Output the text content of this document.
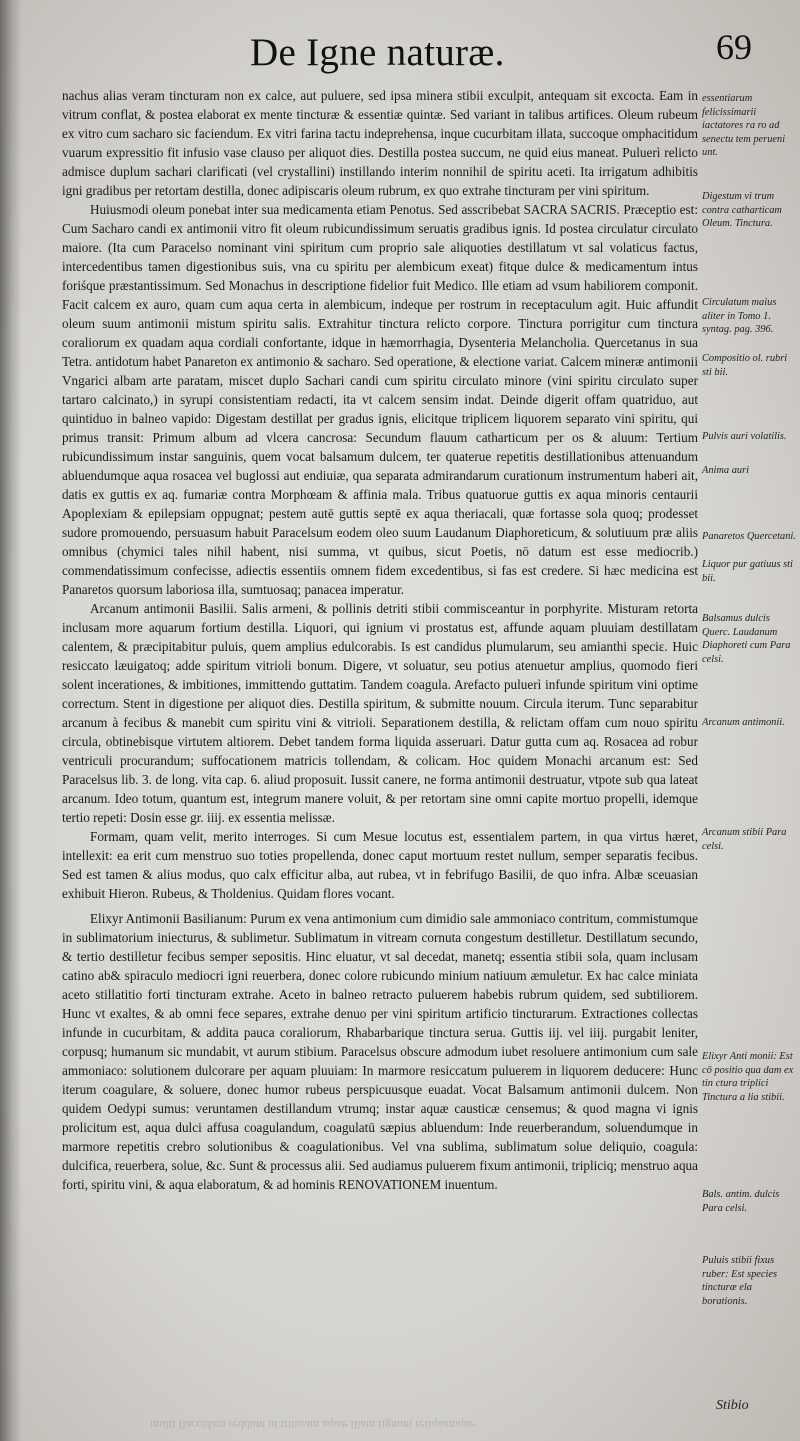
De Igne naturæ.	69

nachus alias veram tincturam non ex calce, aut puluere, sed ipsa minera stibii exculpit, antequam sit excocta. Eam in vitrum conflat, & postea elaborat ex mente tincturæ & essentiæ quintæ. Sed variant in talibus artifices. Oleum rubeum ex vitro cum sacharo sic faciendum. Ex vitri farina tactu indeprehensa, inque cucurbitam illata, succoque omphacitidum vuarum expressitio fit infusio vase clauso per aliquot dies. Destilla postea succum, ne quid eius maneat. Puluerì relicto admisce duplum sachari clarificati (vel crystallini) instillando interim nonnihil de spiritu aceti. Ita irrigatum adhibitis igni gradibus per retortam destilla, donec adipiscaris oleum rubrum, ex quo extrahe tincturam per vini spiritum.

Huiusmodi oleum ponebat inter sua medicamenta etiam Penotus. Sed asscribebat SACRA SACRIS. Præceptio est: Cum Sacharo candi ex antimonii vitro fit oleum rubicundissimum seruatis gradibus ignis. Id postea circulatur circulato maiore. (Ita cum Paracelso nominant vini spiritum cum proprio sale aliquoties destillatum vt sal volaticus factus, intercedentibus tamen digestionibus suis, vna cu spiritu per alembicum exeat) fitque dulce & medicamentum intus foriśque præstantissimum. Sed Monachus in descriptione fidelior fuit Medico. Ille etiam ad vsum habiliorem componit. Facit calcem ex auro, quam cum aqua certa in alembicum, indeque per rostrum in receptaculum agit. Huic affundit oleum suum antimonii mistum spiritu salis. Extrahitur tinctura relicto corpore. Tinctura porrigitur cum tinctura coraliorum ex quadam aqua cordiali confortante, idque in hæmorrhagia, Dysenteria Melancholia. Quercetanus in sua Tetra. antidotum habet Panareton ex antimonio & sacharo. Sed operatione, & electione variat. Calcem mineræ antimonii Vngarici albam arte paratam, miscet duplo Sachari candi cum spiritu circulato minore (vini spiritu circulato super tartaro calcinato,) in syrupi consistentiam redacti, ita vt calcem sensim indat. Deinde digerit offam quatriduo, aut quintiduo in balneo vapido: Digestam destillat per gradus ignis, elicitque triplicem liquorem separato vini spiritu, qui primus transit: Primum album ad vlcera cancrosa: Secundum flauum catharticum per os & aluum: Tertium rubicundissimum instar sanguinis, quem vocat balsamum dulcem, ter quaterue repetitis destillationibus attenuandum abluendumque aqua rosacea vel buglossi aut endiuiæ, qua separata admirandarum curationum instrumentum haberi ait, datis ex guttis ex aq. fumariæ contra Morphœam & affinia mala. Tribus quatuorue guttis ex aqua minoris centaurii Apoplexiam & epilepsiam oppugnat; pestem autē guttis septē ex aqua theriacali, quæ fortasse sola quoq; prodesset sudore promouendo, persuasum habuit Paracelsum eodem oleo suum Laudanum Diaphoreticum, & solutiuum præ aliis omnibus (chymici tales nihil habent, nisi summa, vt quibus, sicut Poetis, nō datum est esse mediocrib.) commendatissimum confecisse, adiectis essentiis omnem fidem excedentibus, si fas est credere. Si hæc medicina est Panaretos quorsum laboriosa illa, sumtuosaq; panacea imperatur.

Arcanum antimonii Basilii. Salis armeni, & pollinis detriti stibii commisceantur in porphyrite. Misturam retorta inclusam more aquarum fortium destilla. Liquori, qui ignium vi prostatus est, affunde aquam pluuiam destillatam calentem, & præcipitabitur puluis, quem amplius edulcorabis. Is est candidus plumularum, seu amianthi speciε. Huic resiccato læuigatoq; adde spiritum vitrioli bonum. Digere, vt soluatur, seu potius atenuetur amplius, quomodo fieri solent incerationes, & imbitiones, immittendo guttatim. Tandem coagula. Arefacto puluerì infunde spiritum vini optime correctum. Stent in digestione per aliquot dies. Destilla spiritum, & submitte nouum. Circula iterum. Tunc separabitur arcanum à fecibus & manebit cum spiritu vini & vitrioli. Separationem destilla, & relictam offam cum nouo spiritu circula, obtinebisque virtutem altiorem. Debet tandem forma liquida asseruari. Datur gutta cum aq. Rosacea ad robur ventriculi procurandum; suffocationem matricis tollendam, & colicam. Hoc quidem Monachi arcanum est: Sed Paracelsus lib. 3. de long. vita cap. 6. aliud proposuit. Iussit canere, ne forma antimonii destruatur, vtpote sub qua lateat arcanum. Ideo totum, quantum est, integrum manere voluit, & per retortam sine omni capite mortuo propelli, idemque tertio repeti: Dosin esse gr. iiij. ex essentia melissæ.

Formam, quam velit, merito interroges. Si cum Mesue locutus est, essentialem partem, in qua virtus hæret, intellexit: ea erit cum menstruo suo toties propellenda, donec caput mortuum restet nullum, semper separatis fecibus. Sed est tamen & alius modus, quo calx efficitur alba, aut rubea, vt in febrifugo Basilii, de quo infra. Albæ sceuasian exhibuit Hieron. Rubeus, & Tholdenius. Quidam flores vocant.

Elixyr Antimonii Basilianum: Purum ex vena antimonium cum dimidio sale ammoniaco contritum, commistumque in sublimatorium iniecturus, & sublimetur. Sublimatum in vitream cornuta congestum destilletur. Destillatum secundo, & tertio destilletur fecibus semper sepositis. Hinc eluatur, vt sal decedat, manetq; essentia stibii sola, quam inclusam catino ab& spiraculo mediocri igni reuerbera, donec colore rubicundo minium natiuum æmuletur. Ex hac calce miniata aceto stillatitio forti tincturam extrahe. Aceto in balneo retracto puluerem habebis rubrum quidem, sed subtiliorem. Hunc vt exaltes, & ab omni fece separes, extrahe denuo per vini spiritum artificio tincturarum. Extractiones collectas infunde in cucurbitam, & addita pauca coraliorum, Rhabarbarique tinctura serua. Guttis iij. vel iiij. purgabit leniter, corpusq; humanum sic mundabit, vt aurum stibium. Paracelsus obscure admodum iubet resoluere antimonium cum sale ammoniaco: solutionem dulcorare per aquam pluuiam: In marmore resiccatum puluerem in liquorem deducere: Hunc iterum coagulare, & soluere, donec humor rubeus perspicuusque euadat. Vocat Balsamum antimonii dulcem. Non quidem Oedypi sumus: veruntamen destillandum vtrumq; instar aquæ causticæ censemus; & quod magna vi ignis prolicitum est, aqua dulci affusa coagulandum, coagulatū sæpius abluendum: Inde reuerberandum, soluendumque in marmore repetitis crebro solutionibus & coagulationibus. Vel vna sublima, sublimatum solue deliquio, coagula: dulcifica, reuerbera, solue, &c. Sunt & processus alii. Sed audiamus puluerem fixum antimonii, tripliciq; menstruo aqua forti, spiritu vini, & aqua elaboratum, & ad hominis RENOVATIONEM inuentum.

essentiarum felicissimarii iactatores ra ro ad senectu tem perueni unt.
Digestum vi trum contra catharticam Oleum. Tinctura.
Circulatum maius aliter in Tomo 1. syntag. pag. 396.
Compositio ol. rubri sti bii.
Pulvis auri volatilis.
Anima auri
Panaretos Quercetani.
Liquor pur gatiuus sti bii.
Balsamus dulcis Querc. Laudanum Diaphoreti cum Para celsi.
Arcanum antimonii.
Arcanum stibii Para celsi.
Elixyr Anti monii: Est cō positio qua dam ex tin ctura triplici Tinctura a lia stibii.
Bals. antim. dulcis Para celsi.
Puluis stibii fixus ruber: Est species tincturæ ela borationis.
multi flaccidam reddunt ut trituram aquæ illam lignum reliquamque
Stibio
